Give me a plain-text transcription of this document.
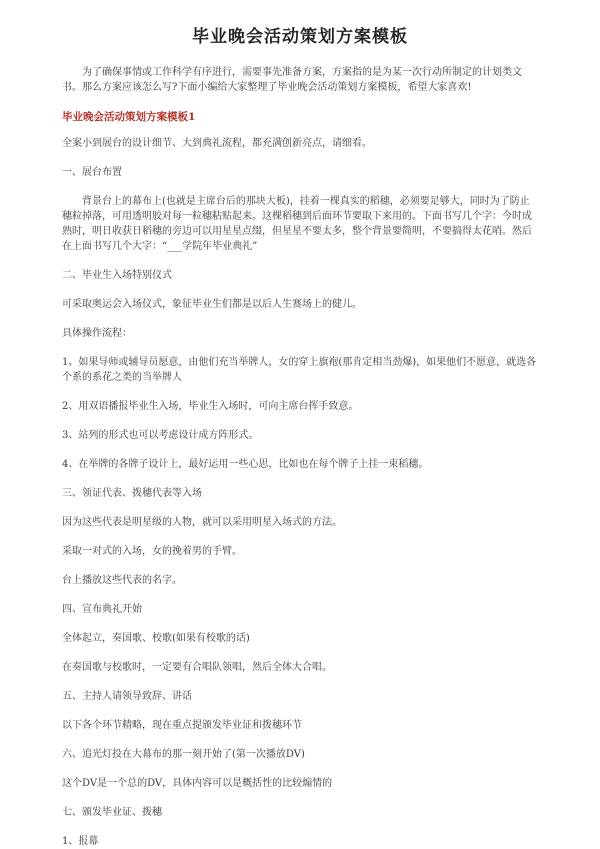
毕业晚会活动策划方案模板

为了确保事情或工作科学有序进行，需要事先准备方案，方案指的是为某一次行动所制定的计划类文书。那么方案应该怎么写?下面小编给大家整理了毕业晚会活动策划方案模板，希望大家喜欢!

毕业晚会活动策划方案模板1

全案小到展台的设计细节、大到典礼流程，都充满创新亮点，请细看。

一、展台布置

背景台上的幕布上(也就是主席台后的那块大板)，挂着一棵真实的稻穗，必须要足够大，同时为了防止穗粒掉落，可用透明胶对每一粒穗粘贴起来。这棵稻穗到后面环节要取下来用的。下面书写几个字：今时成熟时，明日收获日稻穗的旁边可以用星星点缀，但星星不要太多，整个背景要简明，不要搞得太花哨。然后在上面书写几个大字：“___学院年毕业典礼”

二、毕业生入场特别仪式

可采取奥运会入场仪式，象征毕业生们都是以后人生赛场上的健儿。

具体操作流程：

1、如果导师或辅导员愿意，由他们充当举牌人，女的穿上旗袍(那肯定相当劲爆)，如果他们不愿意，就选各个系的系花之类的当举牌人

2、用双语播报毕业生入场，毕业生入场时，可向主席台挥手致意。

3、站列的形式也可以考虑设计成方阵形式。

4、在举牌的各牌子设计上，最好运用一些心思，比如也在每个牌子上挂一束稻穗。

三、领证代表、拨穗代表等入场

因为这些代表是明星级的人物，就可以采用明星入场式的方法。

采取一对式的入场，女的挽着男的手臂。

台上播放这些代表的名字。

四、宣布典礼开始

全体起立，奏国歌、校歌(如果有校歌的话)

在奏国歌与校歌时，一定要有合唱队领唱，然后全体大合唱。

五、主持人请领导致辞、讲话

以下各个环节精略，现在重点提颁发毕业证和拨穗环节

六、追光灯投在大幕布的那一刻开始了(第一次播放DV)

这个DV是一个总的DV，具体内容可以是概括性的比较煽情的

七、颁发毕业证、拨穗

1、报幕
